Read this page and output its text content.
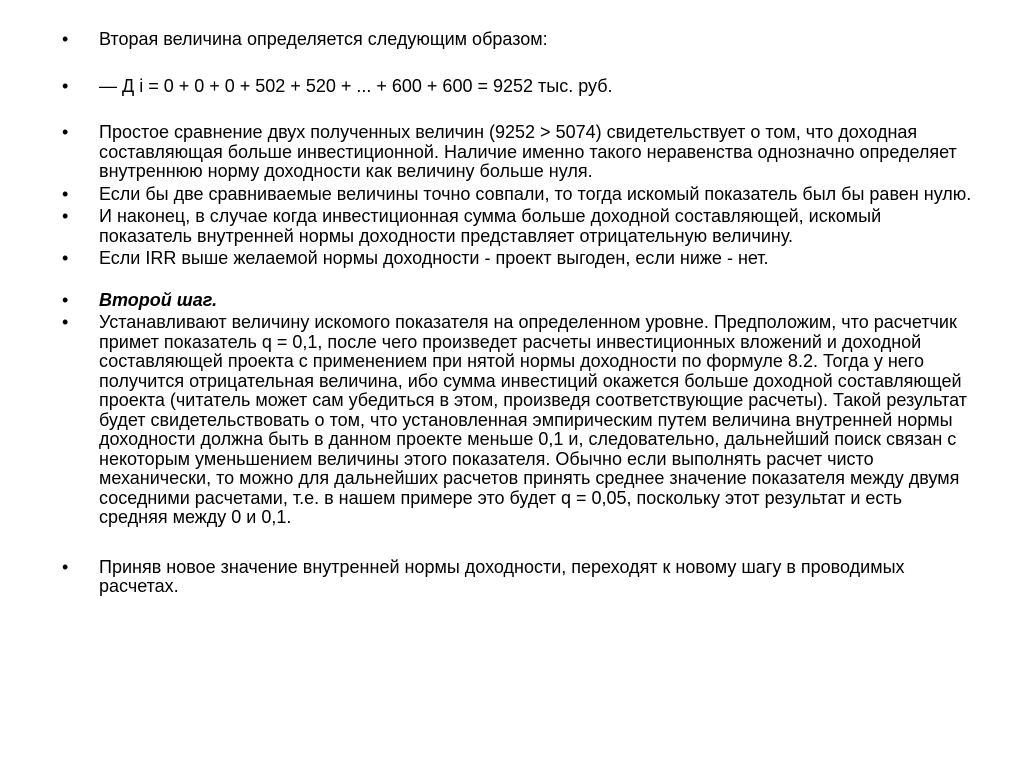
•	Вторая величина определяется следующим образом:
•	— Д i = 0 + 0 + 0 + 502 + 520 + ... + 600 + 600 = 9252 тыс. руб.
•	Простое сравнение двух полученных величин (9252 > 5074) свидетельствует о том, что доходная составляющая больше инвестиционной. Наличие именно такого неравенства однозначно определяет внутреннюю норму доходности как величину больше нуля.
•	Если бы две сравниваемые величины точно совпали, то тогда искомый показатель был бы равен нулю.
•	И наконец, в случае когда инвестиционная сумма больше доходной составляющей, искомый показатель внутренней нормы доходности представляет отрицательную величину.
•	Если IRR выше желаемой нормы доходности - проект выгоден, если ниже - нет.
•	Второй шаг.
•	Устанавливают величину искомого показателя на определенном уровне. Предположим, что расчетчик примет показатель q = 0,1, после чего произведет расчеты инвестиционных вложений и доходной составляющей проекта с применением при нятой нормы доходности по формуле 8.2. Тогда у него получится отрицательная величина, ибо сумма инвестиций окажется больше доходной составляющей проекта (читатель может сам убедиться в этом, произведя соответствующие расчеты). Такой результат будет свидетельствовать о том, что установленная эмпирическим путем величина внутренней нормы доходности должна быть в данном проекте меньше 0,1 и, следовательно, дальнейший поиск связан с некоторым уменьшением величины этого показателя. Обычно если выполнять расчет чисто механически, то можно для дальнейших расчетов принять среднее значение показателя между двумя соседними расчетами, т.е. в нашем примере это будет q = 0,05, поскольку этот результат и есть средняя между 0 и 0,1.
•	Приняв новое значение внутренней нормы доходности, переходят к новому шагу в проводимых расчетах.
